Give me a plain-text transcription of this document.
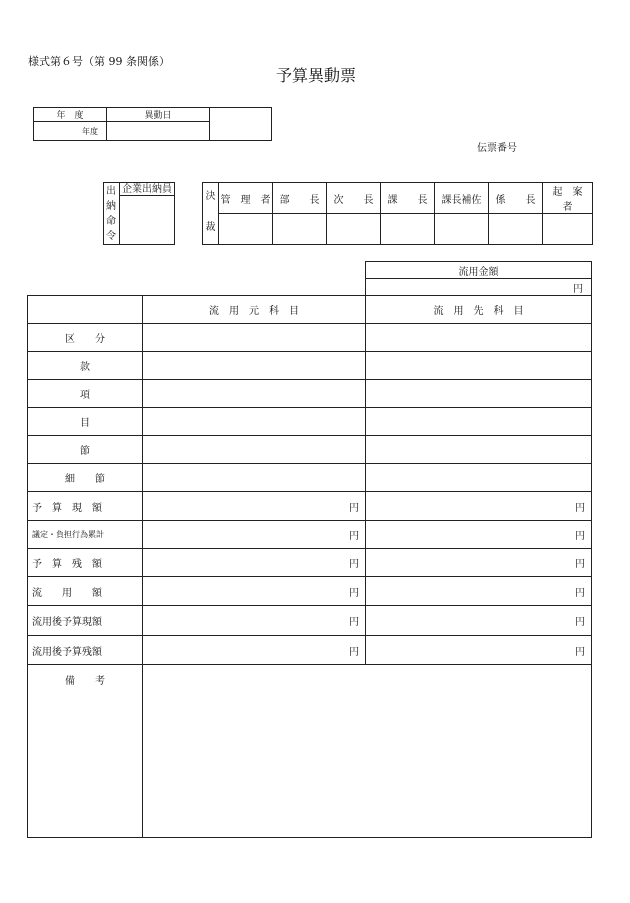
様式第６号（第 99 条関係）
予算異動票
伝票番号
年　度	異動日	
年度		
出
納
命
令
企業出納員
決
裁	管　理　者	部　　長	次　　長	課　　長	課長補佐	係　　長	起　案　者

流用金額
円
	流　用　元　科　目	流　用　先　科　目
区　　分		
款		
項		
目		
節		
細　　節		
予　算　現　額	円	円
議定・負担行為累計	円	円
予　算　残　額	円	円
流　　用　　額	円	円
流用後予算現額	円	円
流用後予算残額	円	円
備　　考		
